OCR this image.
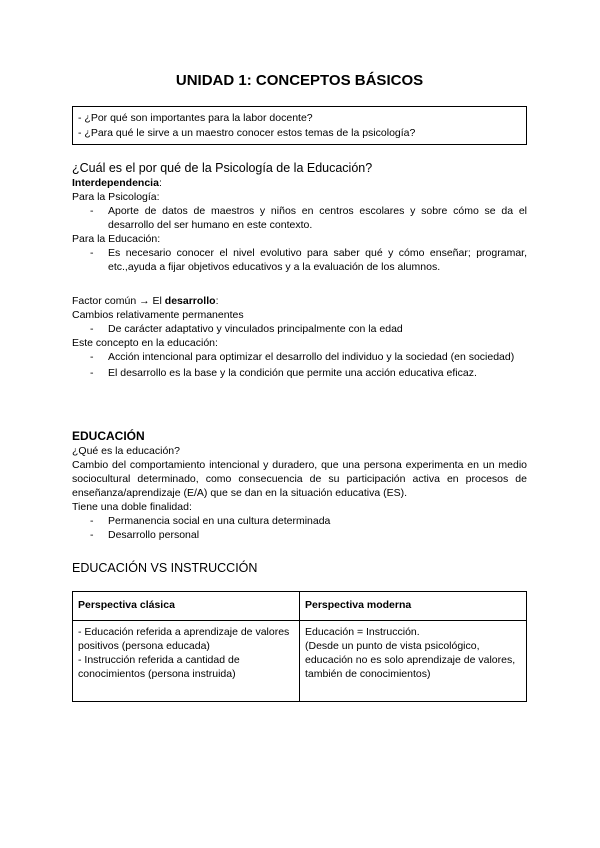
UNIDAD 1: CONCEPTOS BÁSICOS
- ¿Por qué son importantes para la labor docente?
- ¿Para qué le sirve a un maestro conocer estos temas de la psicología?
¿Cuál es el por qué de la Psicología de la Educación?
Interdependencia:
Para la Psicología:
- Aporte de datos de maestros y niños en centros escolares y sobre cómo se da el desarrollo del ser humano en este contexto.
Para la Educación:
- Es necesario conocer el nivel evolutivo para saber qué y cómo enseñar; programar, etc.,ayuda a fijar objetivos educativos y a la evaluación de los alumnos.
Factor común → El desarrollo:
Cambios relativamente permanentes
- De carácter adaptativo y vinculados principalmente con la edad
Este concepto en la educación:
- Acción intencional para optimizar el desarrollo del individuo y la sociedad (en sociedad)
- El desarrollo es la base y la condición que permite una acción educativa eficaz.
EDUCACIÓN
¿Qué es la educación?
Cambio del comportamiento intencional y duradero, que una persona experimenta en un medio sociocultural determinado, como consecuencia de su participación activa en procesos de enseñanza/aprendizaje (E/A) que se dan en la situación educativa (ES).
Tiene una doble finalidad:
- Permanencia social en una cultura determinada
- Desarrollo personal
EDUCACIÓN VS INSTRUCCIÓN
Perspectiva clásica	Perspectiva moderna

- Educación referida a aprendizaje de valores positivos (persona educada)
- Instrucción referida a cantidad de conocimientos (persona instruida)	Educación = Instrucción.
(Desde un punto de vista psicológico, educación no es solo aprendizaje de valores, también de conocimientos)
